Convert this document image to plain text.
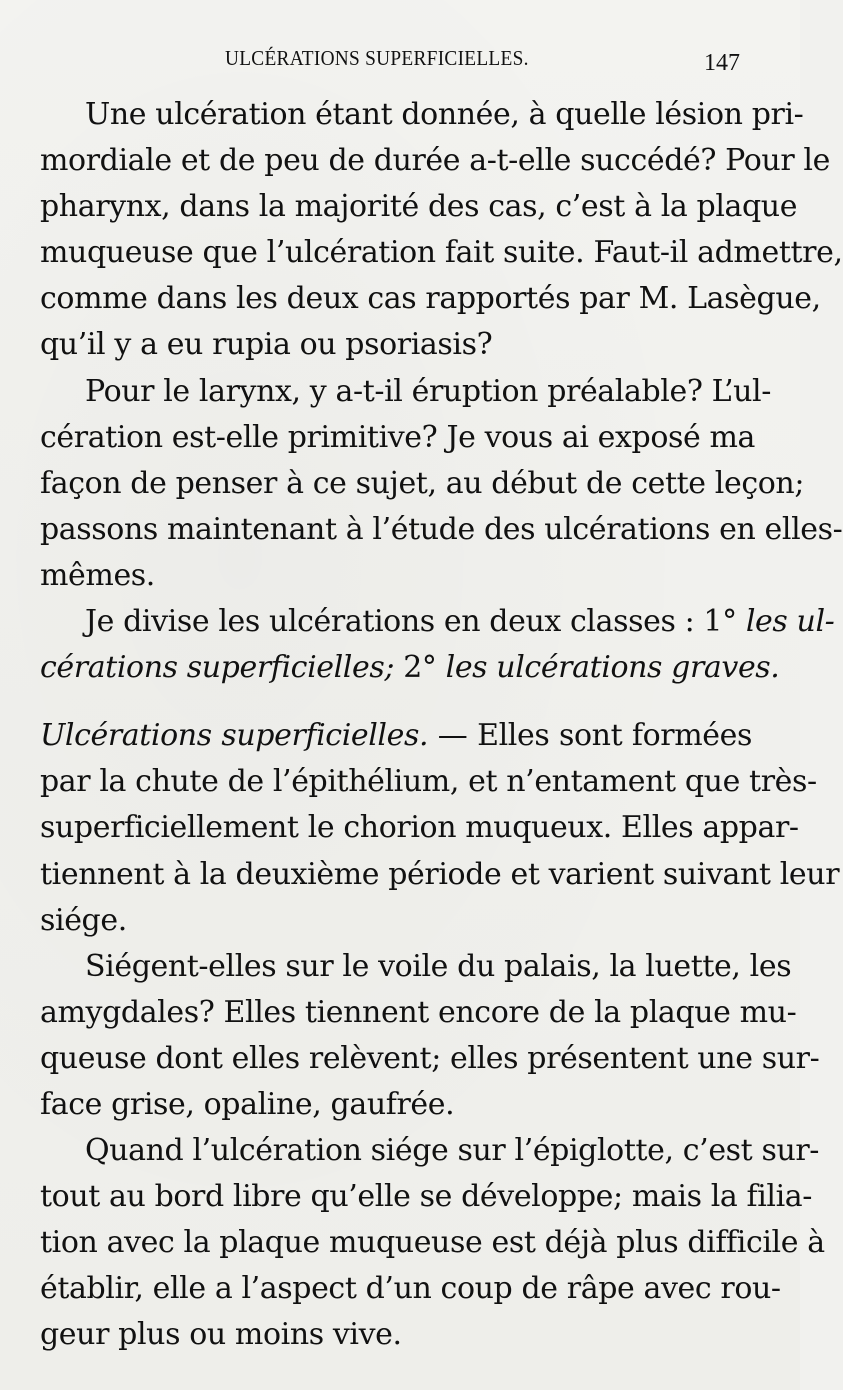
ULCÉRATIONS SUPERFICIELLES.	147
Une ulcération étant donnée, à quelle lésion pri-
mordiale et de peu de durée a-t-elle succédé? Pour le
pharynx, dans la majorité des cas, c’est à la plaque
muqueuse que l’ulcération fait suite. Faut-il admettre,
comme dans les deux cas rapportés par M. Lasègue,
qu’il y a eu rupia ou psoriasis?
Pour le larynx, y a-t-il éruption préalable? L’ul-
cération est-elle primitive? Je vous ai exposé ma
façon de penser à ce sujet, au début de cette leçon;
passons maintenant à l’étude des ulcérations en elles-
mêmes.
Je divise les ulcérations en deux classes : 1° les ul-
cérations superficielles; 2° les ulcérations graves.
Ulcérations superficielles. — Elles sont formées
par la chute de l’épithélium, et n’entament que très-
superficiellement le chorion muqueux. Elles appar-
tiennent à la deuxième période et varient suivant leur
siége.
Siégent-elles sur le voile du palais, la luette, les
amygdales? Elles tiennent encore de la plaque mu-
queuse dont elles relèvent; elles présentent une sur-
face grise, opaline, gaufrée.
Quand l’ulcération siége sur l’épiglotte, c’est sur-
tout au bord libre qu’elle se développe; mais la filia-
tion avec la plaque muqueuse est déjà plus difficile à
établir, elle a l’aspect d’un coup de râpe avec rou-
geur plus ou moins vive.
